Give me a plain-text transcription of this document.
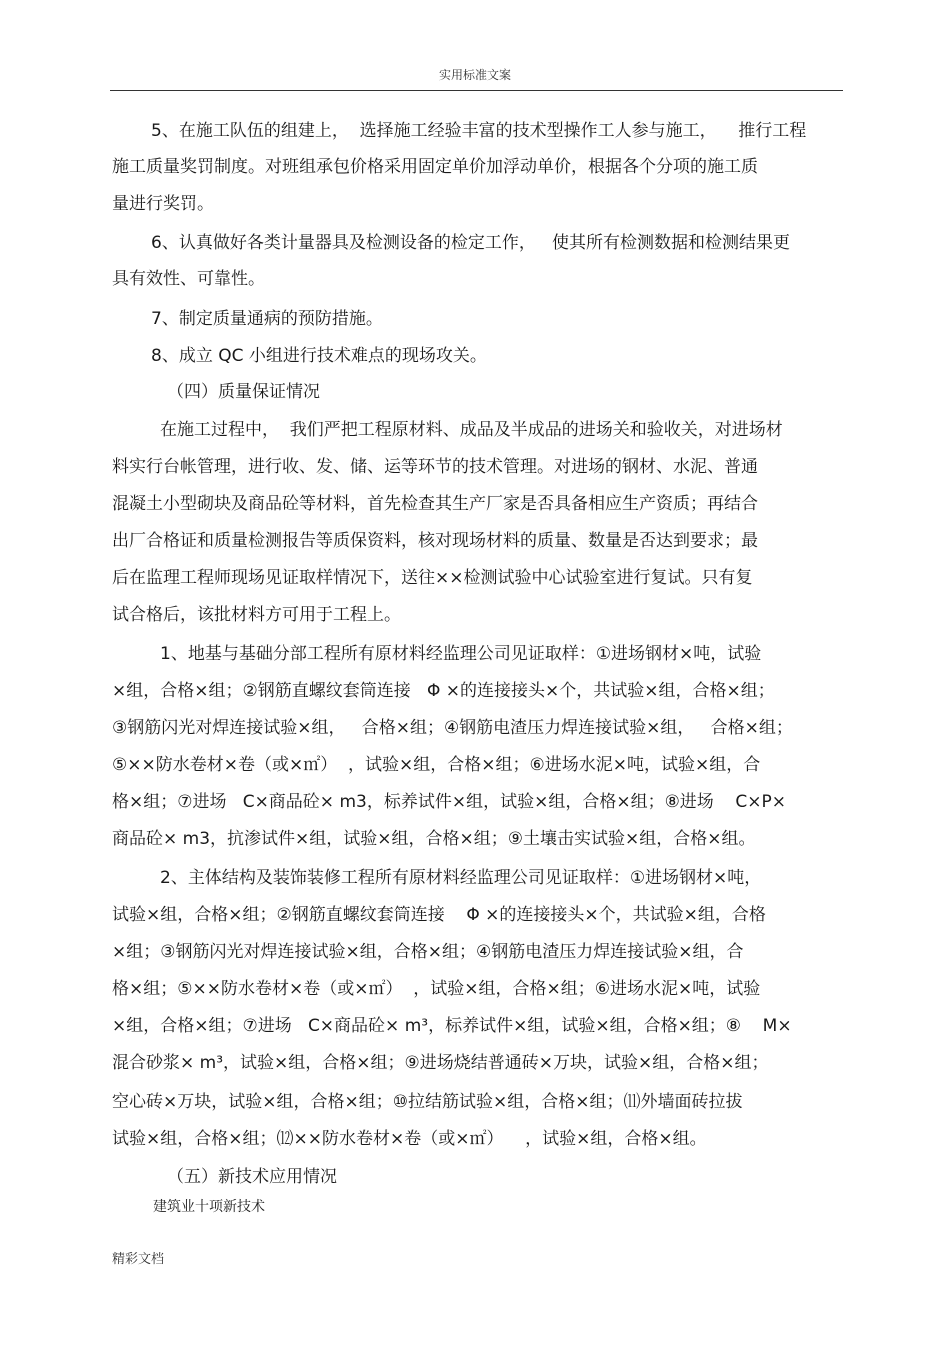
实用标准文案
5、在施工队伍的组建上，  选择施工经验丰富的技术型操作工人参与施工，    推行工程
施工质量奖罚制度。对班组承包价格采用固定单价加浮动单价，根据各个分项的施工质
量进行奖罚。
6、认真做好各类计量器具及检测设备的检定工作，   使其所有检测数据和检测结果更
具有效性、可靠性。
7、制定质量通病的预防措施。
8、成立 QC 小组进行技术难点的现场攻关。
（四）质量保证情况
在施工过程中，  我们严把工程原材料、成品及半成品的进场关和验收关，对进场材
料实行台帐管理，进行收、发、储、运等环节的技术管理。对进场的钢材、水泥、普通
混凝土小型砌块及商品砼等材料，首先检查其生产厂家是否具备相应生产资质；再结合
出厂合格证和质量检测报告等质保资料，核对现场材料的质量、数量是否达到要求；最
后在监理工程师现场见证取样情况下，送往××检测试验中心试验室进行复试。只有复
试合格后，该批材料方可用于工程上。
1、地基与基础分部工程所有原材料经监理公司见证取样：①进场钢材×吨，试验
×组，合格×组；②钢筋直螺纹套筒连接   Φ ×的连接接头×个，共试验×组，合格×组；
③钢筋闪光对焊连接试验×组，   合格×组；④钢筋电渣压力焊连接试验×组，   合格×组；
⑤××防水卷材×卷（或×㎡）  ，试验×组，合格×组；⑥进场水泥×吨，试验×组，合
格×组；⑦进场   C×商品砼× m3，标养试件×组，试验×组，合格×组；⑧进场    C×P×
商品砼× m3，抗渗试件×组，试验×组，合格×组；⑨土壤击实试验×组，合格×组。
2、主体结构及装饰装修工程所有原材料经监理公司见证取样：①进场钢材×吨，
试验×组，合格×组；②钢筋直螺纹套筒连接    Φ ×的连接接头×个，共试验×组，合格
×组；③钢筋闪光对焊连接试验×组，合格×组；④钢筋电渣压力焊连接试验×组，合
格×组；⑤××防水卷材×卷（或×㎡）  ，试验×组，合格×组；⑥进场水泥×吨，试验
×组，合格×组；⑦进场   C×商品砼× m³，标养试件×组，试验×组，合格×组；⑧    M×
混合砂浆× m³，试验×组，合格×组；⑨进场烧结普通砖×万块，试验×组，合格×组；
空心砖×万块，试验×组，合格×组；⑩拉结筋试验×组，合格×组；⑾外墙面砖拉拔
试验×组，合格×组；⑿××防水卷材×卷（或×㎡）    ，试验×组，合格×组。
（五）新技术应用情况
建筑业十项新技术
精彩文档
